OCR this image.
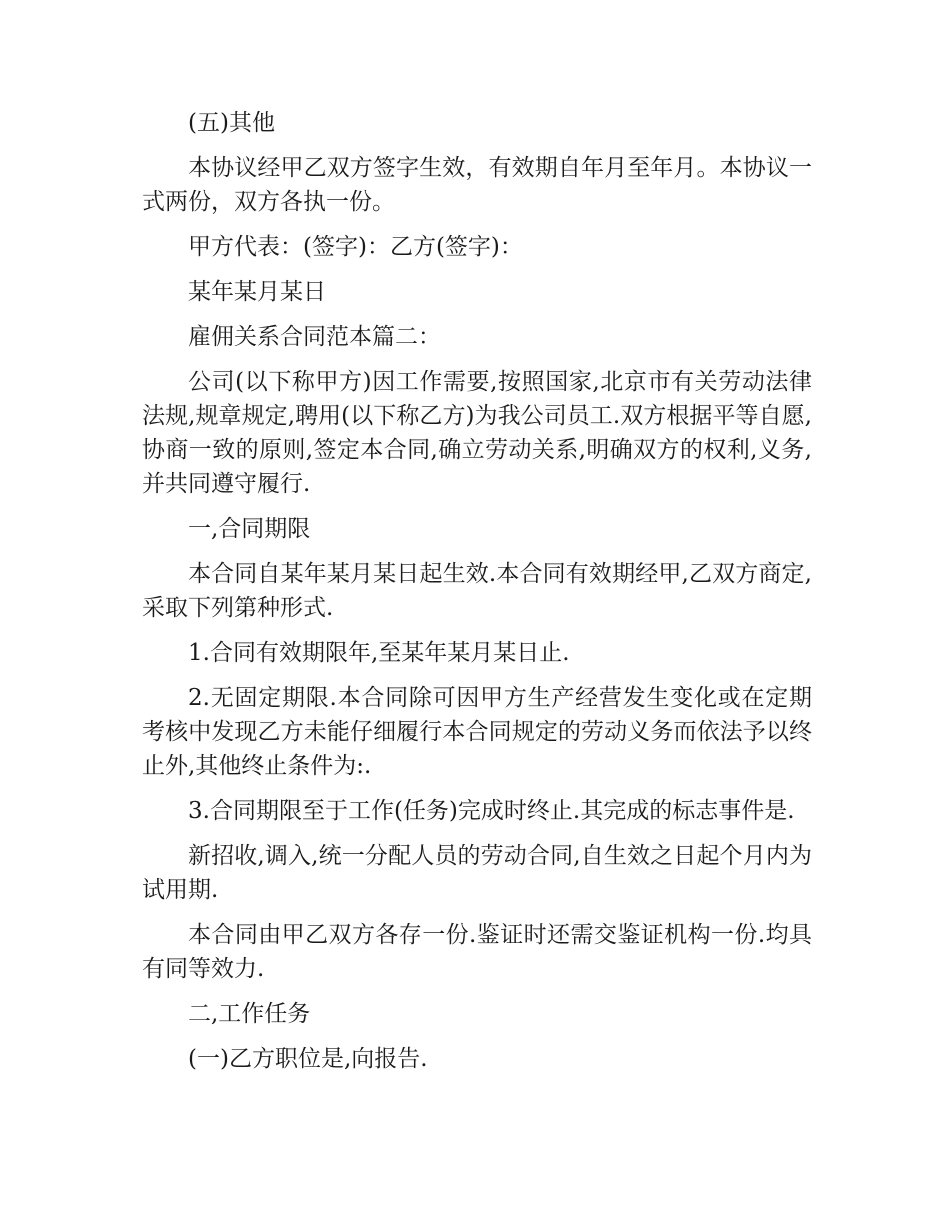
(五)其他

本协议经甲乙双方签字生效，有效期自年月至年月。本协议一式两份，双方各执一份。

甲方代表：(签字)：乙方(签字)：

某年某月某日

雇佣关系合同范本篇二：

公司(以下称甲方)因工作需要,按照国家,北京市有关劳动法律法规,规章规定,聘用(以下称乙方)为我公司员工.双方根据平等自愿,协商一致的原则,签定本合同,确立劳动关系,明确双方的权利,义务,并共同遵守履行.

一,合同期限

本合同自某年某月某日起生效.本合同有效期经甲,乙双方商定,采取下列第种形式.

1.合同有效期限年,至某年某月某日止.

2.无固定期限.本合同除可因甲方生产经营发生变化或在定期考核中发现乙方未能仔细履行本合同规定的劳动义务而依法予以终止外,其他终止条件为:.

3.合同期限至于工作(任务)完成时终止.其完成的标志事件是.

新招收,调入,统一分配人员的劳动合同,自生效之日起个月内为试用期.

本合同由甲乙双方各存一份.鉴证时还需交鉴证机构一份.均具有同等效力.

二,工作任务

(一)乙方职位是,向报告.
